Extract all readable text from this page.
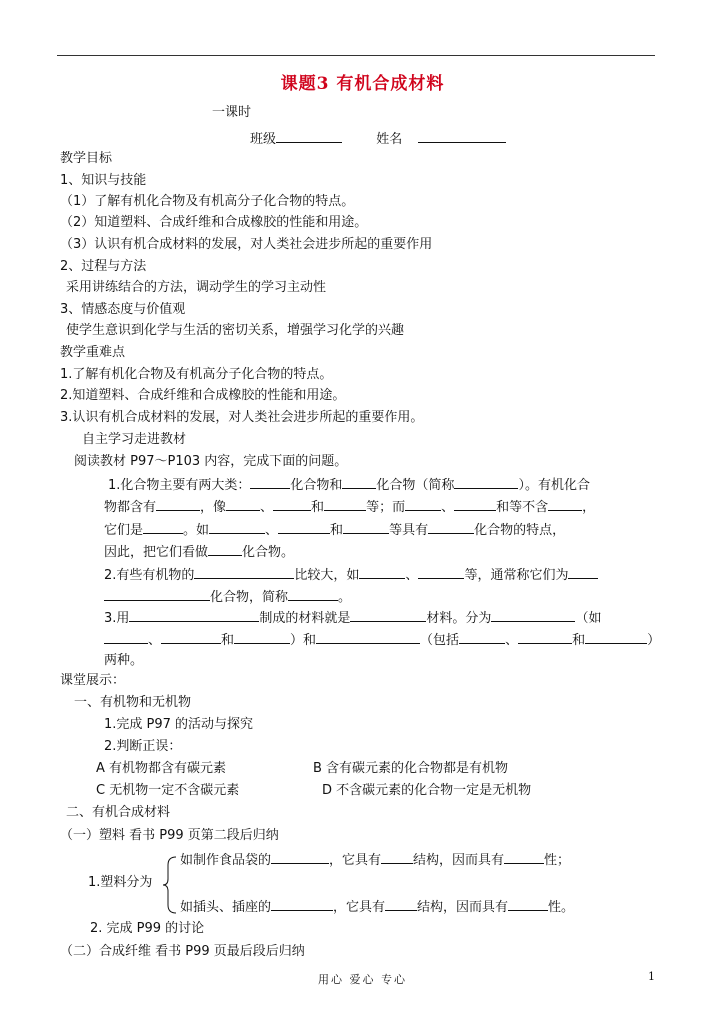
课题3 有机合成材料
一课时
班级	姓名
教学目标
1、知识与技能
（1）了解有机化合物及有机高分子化合物的特点。
（2）知道塑料、合成纤维和合成橡胶的性能和用途。
（3）认识有机合成材料的发展，对人类社会进步所起的重要作用
2、过程与方法
采用讲练结合的方法，调动学生的学习主动性
3、情感态度与价值观
使学生意识到化学与生活的密切关系，增强学习化学的兴趣
教学重难点
1.了解有机化合物及有机高分子化合物的特点。
2.知道塑料、合成纤维和合成橡胶的性能和用途。
3.认识有机合成材料的发展，对人类社会进步所起的重要作用。
自主学习走进教材
阅读教材 P97～P103 内容，完成下面的问题。
1.化合物主要有两大类：	化合物和	化合物（简称	）。有机化合
物都含有	，像	、	和	等；而	、	和等不含	，
它们是	。如	、	和	等具有	化合物的特点，
因此，把它们看做	化合物。
2.有些有机物的	比较大，如	、	等，通常称它们为
化合物，简称	。
3.用	制成的材料就是	材料。分为	（如
、	和	）和	（包括	、	和	）
两种。
课堂展示：
一、有机物和无机物
1.完成 P97 的活动与探究
2.判断正误：
A 有机物都含有碳元素	B 含有碳元素的化合物都是有机物
C 无机物一定不含碳元素	D 不含碳元素的化合物一定是无机物
二、有机合成材料
（一）塑料 看书 P99 页第二段后归纳
如制作食品袋的	，它具有 结构，因而具有	性；
1.塑料分为
如插头、插座的	，它具有 结构，因而具有	性。
2. 完成 P99 的讨论
（二）合成纤维 看书 P99 页最后段后归纳
用心 爱心 专心	1
